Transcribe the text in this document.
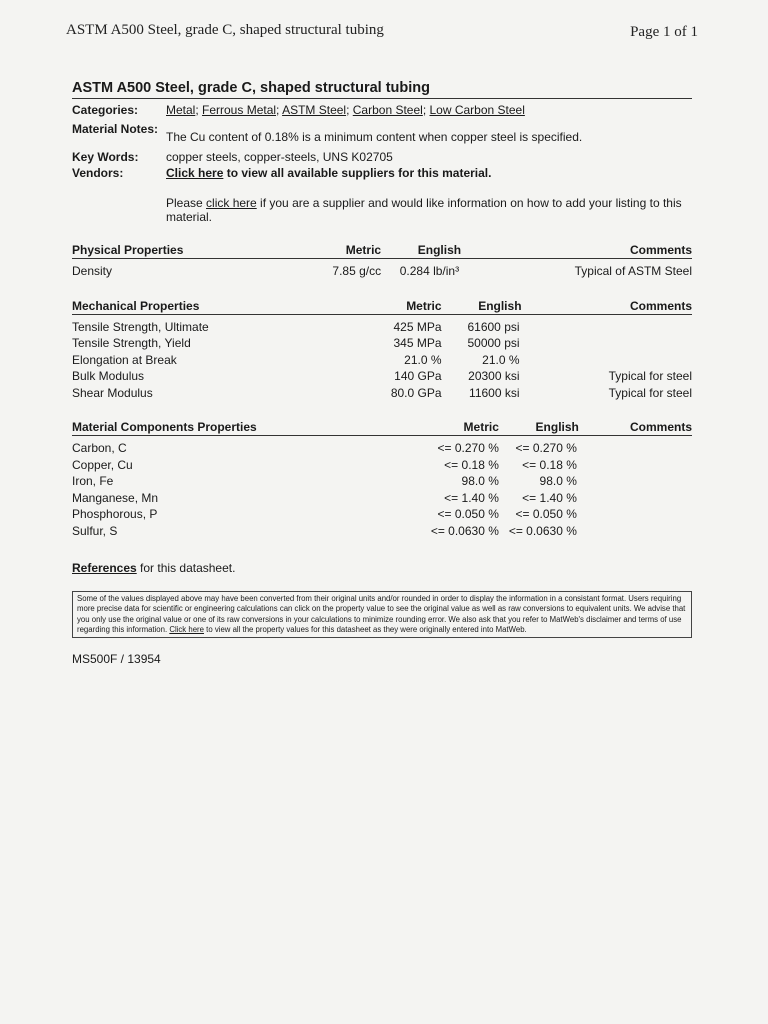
ASTM A500 Steel, grade C, shaped structural tubing	Page 1 of 1
ASTM A500 Steel, grade C, shaped structural tubing
Categories:	Metal; Ferrous Metal; ASTM Steel; Carbon Steel; Low Carbon Steel
Material Notes:	The Cu content of 0.18% is a minimum content when copper steel is specified.
Key Words:	copper steels, copper-steels, UNS K02705
Vendors:	Click here to view all available suppliers for this material.
Please click here if you are a supplier and would like information on how to add your listing to this material.
Physical Properties	Metric	English	Comments

Density	7.85 g/cc	0.284 lb/in³	Typical of ASTM Steel
Mechanical Properties	Metric	English	Comments

Tensile Strength, Ultimate	425 MPa	61600 psi	
Tensile Strength, Yield	345 MPa	50000 psi	
Elongation at Break	21.0 %	21.0 %	
Bulk Modulus	140 GPa	20300 ksi	Typical for steel
Shear Modulus	80.0 GPa	11600 ksi	Typical for steel
Material Components Properties	Metric	English	Comments

Carbon, C	<= 0.270 %	<= 0.270 %	
Copper, Cu	<= 0.18 %	<= 0.18 %	
Iron, Fe	98.0 %	98.0 %	
Manganese, Mn	<= 1.40 %	<= 1.40 %	
Phosphorous, P	<= 0.050 %	<= 0.050 %	
Sulfur, S	<= 0.0630 %	<= 0.0630 %	
References for this datasheet.
Some of the values displayed above may have been converted from their original units and/or rounded in order to display the information in a consistant format. Users requiring more precise data for scientific or engineering calculations can click on the property value to see the original value as well as raw conversions to equivalent units. We advise that you only use the original value or one of its raw conversions in your calculations to minimize rounding error. We also ask that you refer to MatWeb's disclaimer and terms of use regarding this information. Click here to view all the property values for this datasheet as they were originally entered into MatWeb.
MS500F / 13954
